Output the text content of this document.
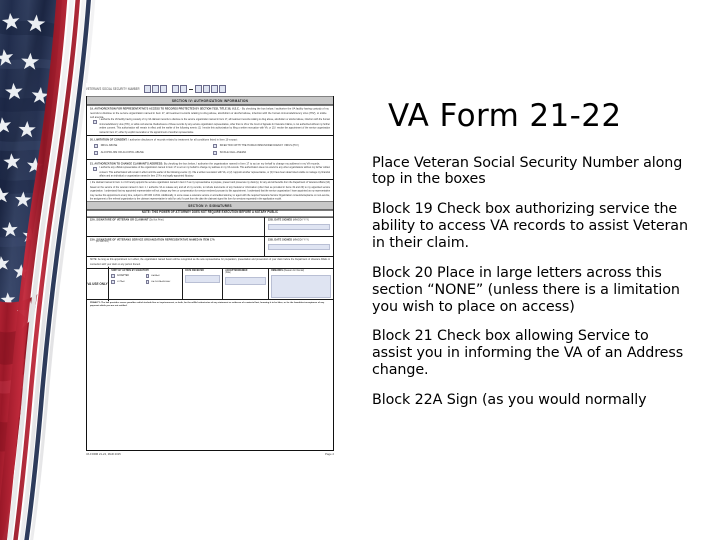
VETERAN'S SOCIAL SECURITY NUMBER
SECTION IV: AUTHORIZATION INFORMATION
19. AUTHORIZATION FOR REPRESENTATIVE'S ACCESS TO RECORDS PROTECTED BY SECTION 7332, TITLE 38, U.S.C. - By checking the box below, I authorize the VA facility having custody of my records to disclose to the service organization named in Item 17, all treatment records relating to drug abuse, alcoholism or alcohol abuse, infection with the human immunodeficiency virus (HIV), or sickle cell anemia.
I authorize the VA facility having custody of my VA claimant records to disclose to the service organization named in Item 17, all treatment records relating to drug abuse, alcoholism or alcohol abuse, infection with the human immunodeficiency virus (HIV), or sickle cell anemia. Redisclosure of these records by any service organization representative, other than to VA or the Court of Appeals for Veterans Claims, is not authorized without my further written consent. This authorization will remain in effect until the earlier of the following events: (1) I revoke this authorization by filing a written revocation with VA; or (2) I revoke the appointment of the service organization named in Item 17, either by explicit revocation or the appointment of another representative.
20. LIMITATION OF CONSENT: I authorize disclosure of records related to treatment for all conditions listed in Item 19 except:
DRUG ABUSE	INFECTION WITH THE HUMAN IMMUNODEFICIENCY VIRUS (HIV)
ALCOHOLISM OR ALCOHOL ABUSE	SICKLE CELL ANEMIA
21. AUTHORIZATION TO CHANGE CLAIMANT'S ADDRESS: By checking the box below, I authorize the organization named in Item 17 to act on my behalf to change my address in my VA records.
I authorize any official representative of the organization named in Item 17 to act on my behalf to change my address in my VA records. This authorization does not extend to any other organizations without my further written consent. This authorization will remain in effect until the earlier of the following events: (1) I file a written revocation with VA; or (2) I appoint another representative, or (3) I have been determined unable to manage my financial affairs and an individual or organization named in Item 17A is my legally appointed fiduciary.
I, the claimant named in Item 1 or 10 hereby appoint the service organization named in Item 17 as my representative to prepare, present and prosecute my claim(s), for any and all benefits from the Department of Veterans Affairs (VA) based on the service of the veteran named in Item 1. I authorize VA to release any and all of my records, to include documents of any Federal or information (other than as provided in Items 19 and 20) to my appointed service organization. I understand that my appointed representative will not charge any fees or compensation for service rendered pursuant to this appointment. I understand that the service organization I have appointed as my representative may revoke this appointment at any time, subject to 38 CFR 14.631. Additionally, in some cases a veterans service or accredited attorney or agent with the required Veterans Service Organization consent/acceptance on non-service, the assignment of the referral organization to the claimant representative is valid for only if a part from the date the claimant signs this form for services requested in the application model.
SECTION V: SIGNATURES
NOTE: THIS POWER OF ATTORNEY DOES NOT REQUIRE EXECUTION BEFORE A NOTARY PUBLIC
22A. SIGNATURE OF VETERAN OR CLAIMANT (Do Not Print)	22B. DATE SIGNED (MM/DD/YYYY)
23A. SIGNATURE OF VETERANS SERVICE ORGANIZATION REPRESENTATIVE NAMED IN ITEM 17A
(Do Not Print)
23B. DATE SIGNED (MM/DD/YYYY)
NOTE: As long as this appointment is in effect, the organization named herein will be recognized as the sole representative for preparation, presentation and prosecution of your claim before the Department of Veterans Affairs in connection with your claim or any portion thereof.
VA USE ONLY
SORT BY ACTION BY SIGNATORY
ACCEPTED	DENIED
OTHER	RETURNED/FILED
DATE RECEIVED	ACCEPTED/DENIED
(Date)
REMARKS (Reason for Denial)
PENALTY: The law provides severe penalties which include fine or imprisonment, or both, for the willful submission of any statement or evidence of a material fact, knowing it to be false, or for the fraudulent acceptance of any payment which you are not entitled.
VA FORM 21-22, MAR 2015	Page 2
VA Form 21-22

Place Veteran Social Security Number along top in the boxes

Block 19 Check box authorizing service the ability to access VA records to assist Veteran in their claim.

Block 20 Place in large letters across this section “NONE” (unless there is a limitation you wish to place on access)

Block 21 Check box allowing Service to assist you in informing the VA of an Address change.

Block 22A Sign (as you would normally
